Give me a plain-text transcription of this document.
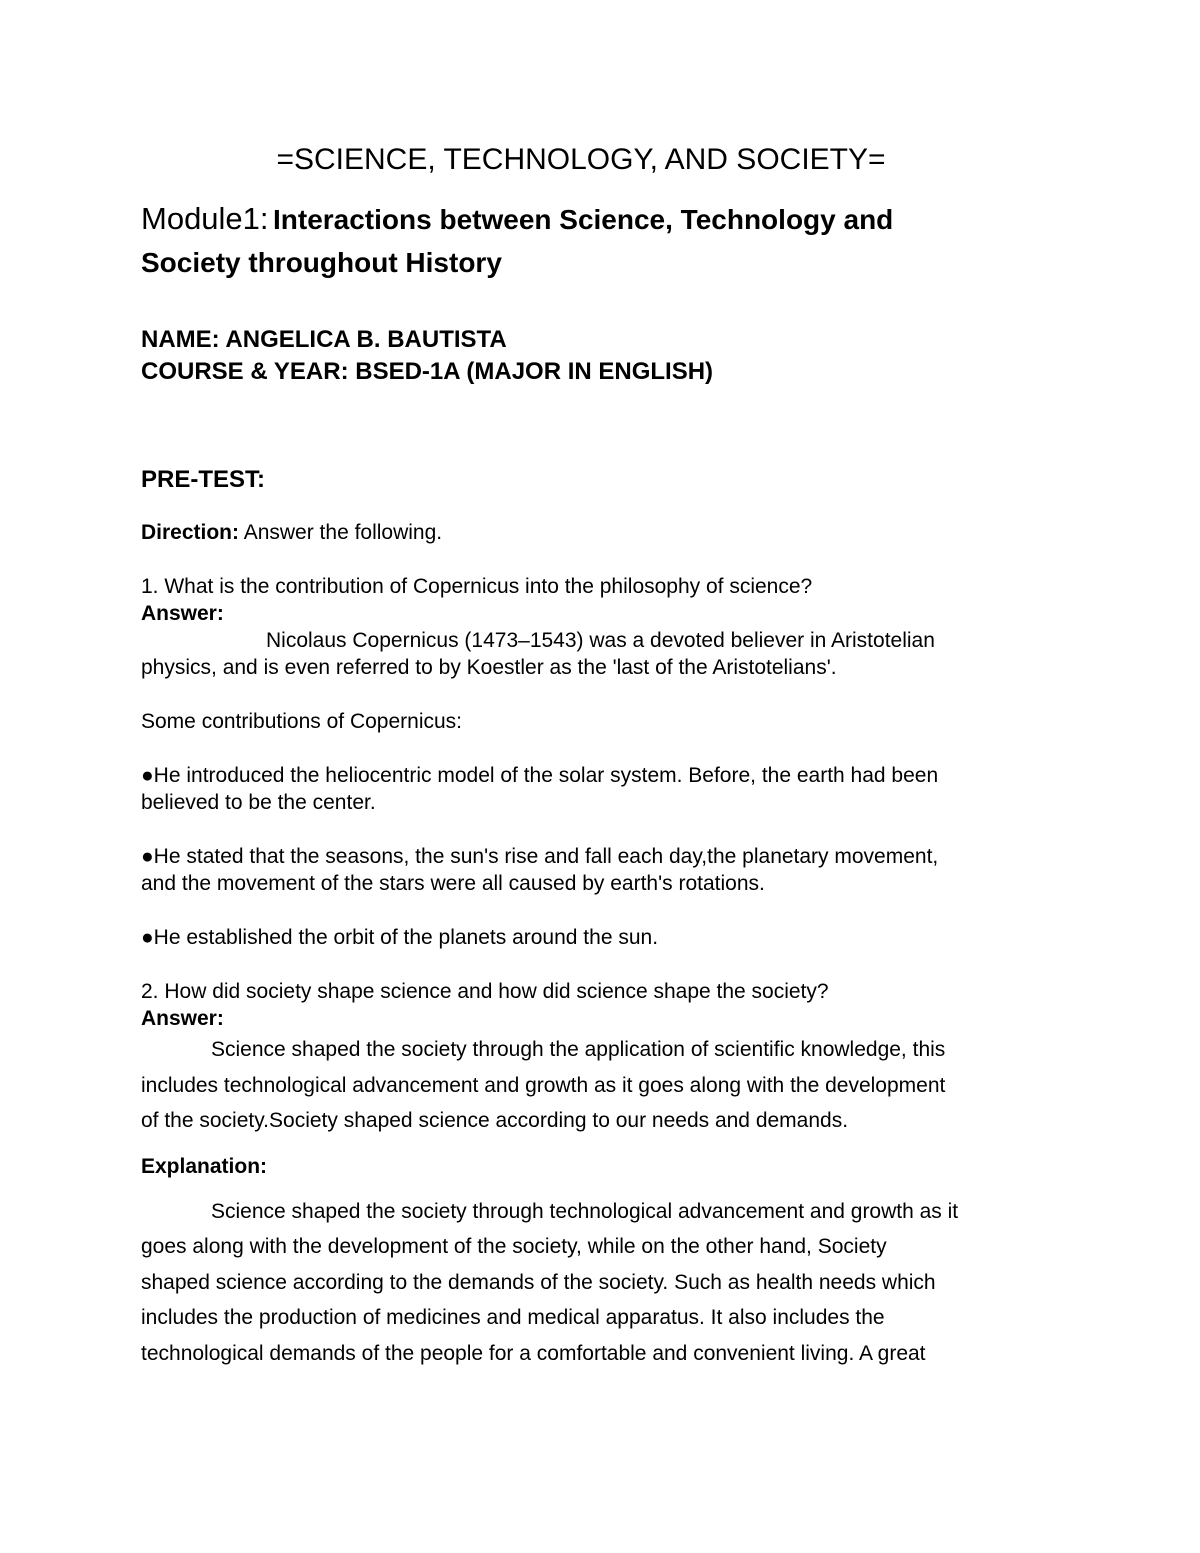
=SCIENCE, TECHNOLOGY, AND SOCIETY=
Module1: Interactions between Science, Technology and
Society throughout History
NAME: ANGELICA B. BAUTISTA
COURSE & YEAR: BSED-1A (MAJOR IN ENGLISH)
PRE-TEST:
Direction: Answer the following.
1. What is the contribution of Copernicus into the philosophy of science?
Answer:
Nicolaus Copernicus (1473–1543) was a devoted believer in Aristotelian
physics, and is even referred to by Koestler as the 'last of the Aristotelians'.
Some contributions of Copernicus:
●He introduced the heliocentric model of the solar system. Before, the earth had been
believed to be the center.
●He stated that the seasons, the sun's rise and fall each day,the planetary movement,
and the movement of the stars were all caused by earth's rotations.
●He established the orbit of the planets around the sun.
2. How did society shape science and how did science shape the society?
Answer:
Science shaped the society through the application of scientific knowledge, this
includes technological advancement and growth as it goes along with the development
of the society.Society shaped science according to our needs and demands.
Explanation:
Science shaped the society through technological advancement and growth as it
goes along with the development of the society, while on the other hand, Society
shaped science according to the demands of the society. Such as health needs which
includes the production of medicines and medical apparatus. It also includes the
technological demands of the people for a comfortable and convenient living. A great
